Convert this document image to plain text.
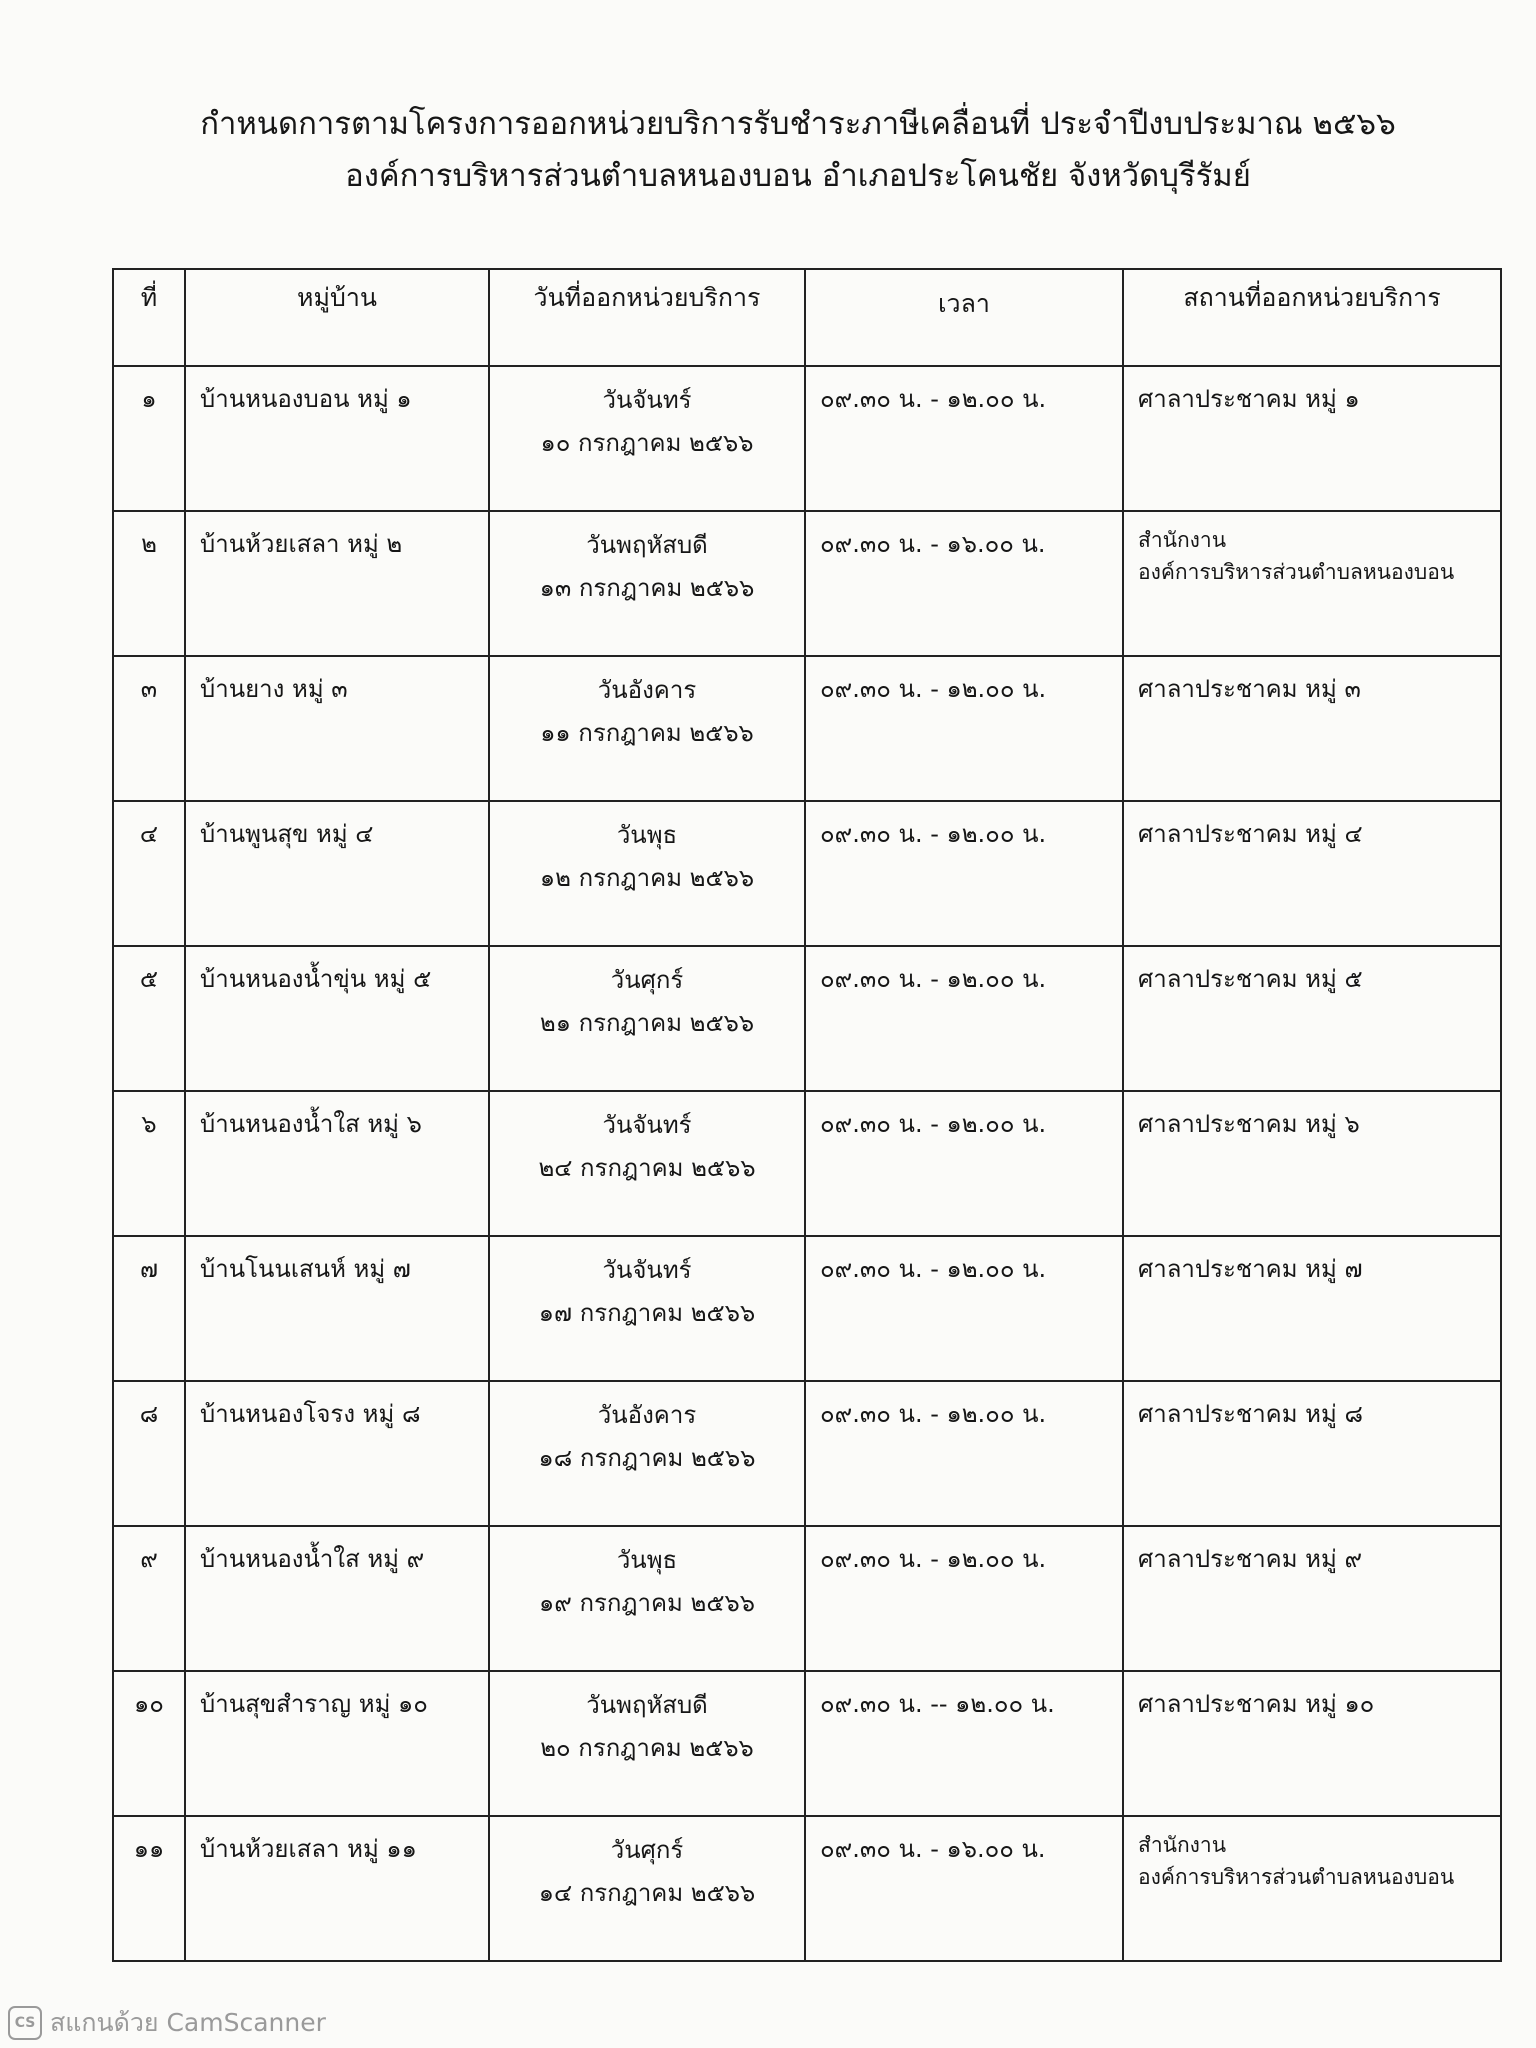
กำหนดการตามโครงการออกหน่วยบริการรับชำระภาษีเคลื่อนที่ ประจำปีงบประมาณ ๒๕๖๖
องค์การบริหารส่วนตำบลหนองบอน อำเภอประโคนชัย จังหวัดบุรีรัมย์
ที่	หมู่บ้าน	วันที่ออกหน่วยบริการ	เวลา	สถานที่ออกหน่วยบริการ
๑	บ้านหนองบอน หมู่ ๑	วันจันทร์
๑๐ กรกฎาคม ๒๕๖๖	๐๙.๓๐ น. - ๑๒.๐๐ น.	ศาลาประชาคม หมู่ ๑

๒	บ้านห้วยเสลา หมู่ ๒	วันพฤหัสบดี
๑๓ กรกฎาคม ๒๕๖๖	๐๙.๓๐ น. - ๑๖.๐๐ น.	สำนักงาน
องค์การบริหารส่วนตำบลหนองบอน

๓	บ้านยาง หมู่ ๓	วันอังคาร
๑๑ กรกฎาคม ๒๕๖๖	๐๙.๓๐ น. - ๑๒.๐๐ น.	ศาลาประชาคม หมู่ ๓

๔	บ้านพูนสุข หมู่ ๔	วันพุธ
๑๒ กรกฎาคม ๒๕๖๖	๐๙.๓๐ น. - ๑๒.๐๐ น.	ศาลาประชาคม หมู่ ๔

๕	บ้านหนองน้ำขุ่น หมู่ ๕	วันศุกร์
๒๑ กรกฎาคม ๒๕๖๖	๐๙.๓๐ น. - ๑๒.๐๐ น.	ศาลาประชาคม หมู่ ๕

๖	บ้านหนองน้ำใส หมู่ ๖	วันจันทร์
๒๔ กรกฎาคม ๒๕๖๖	๐๙.๓๐ น. - ๑๒.๐๐ น.	ศาลาประชาคม หมู่ ๖

๗	บ้านโนนเสนห์ หมู่ ๗	วันจันทร์
๑๗ กรกฎาคม ๒๕๖๖	๐๙.๓๐ น. - ๑๒.๐๐ น.	ศาลาประชาคม หมู่ ๗

๘	บ้านหนองโจรง หมู่ ๘	วันอังคาร
๑๘ กรกฎาคม ๒๕๖๖	๐๙.๓๐ น. - ๑๒.๐๐ น.	ศาลาประชาคม หมู่ ๘

๙	บ้านหนองน้ำใส หมู่ ๙	วันพุธ
๑๙ กรกฎาคม ๒๕๖๖	๐๙.๓๐ น. - ๑๒.๐๐ น.	ศาลาประชาคม หมู่ ๙

๑๐	บ้านสุขสำราญ หมู่ ๑๐	วันพฤหัสบดี
๒๐ กรกฎาคม ๒๕๖๖	๐๙.๓๐ น. -- ๑๒.๐๐ น.	ศาลาประชาคม หมู่ ๑๐

๑๑	บ้านห้วยเสลา หมู่ ๑๑	วันศุกร์
๑๔ กรกฎาคม ๒๕๖๖	๐๙.๓๐ น. - ๑๖.๐๐ น.	สำนักงาน
องค์การบริหารส่วนตำบลหนองบอน
CS สแกนด้วย CamScanner
